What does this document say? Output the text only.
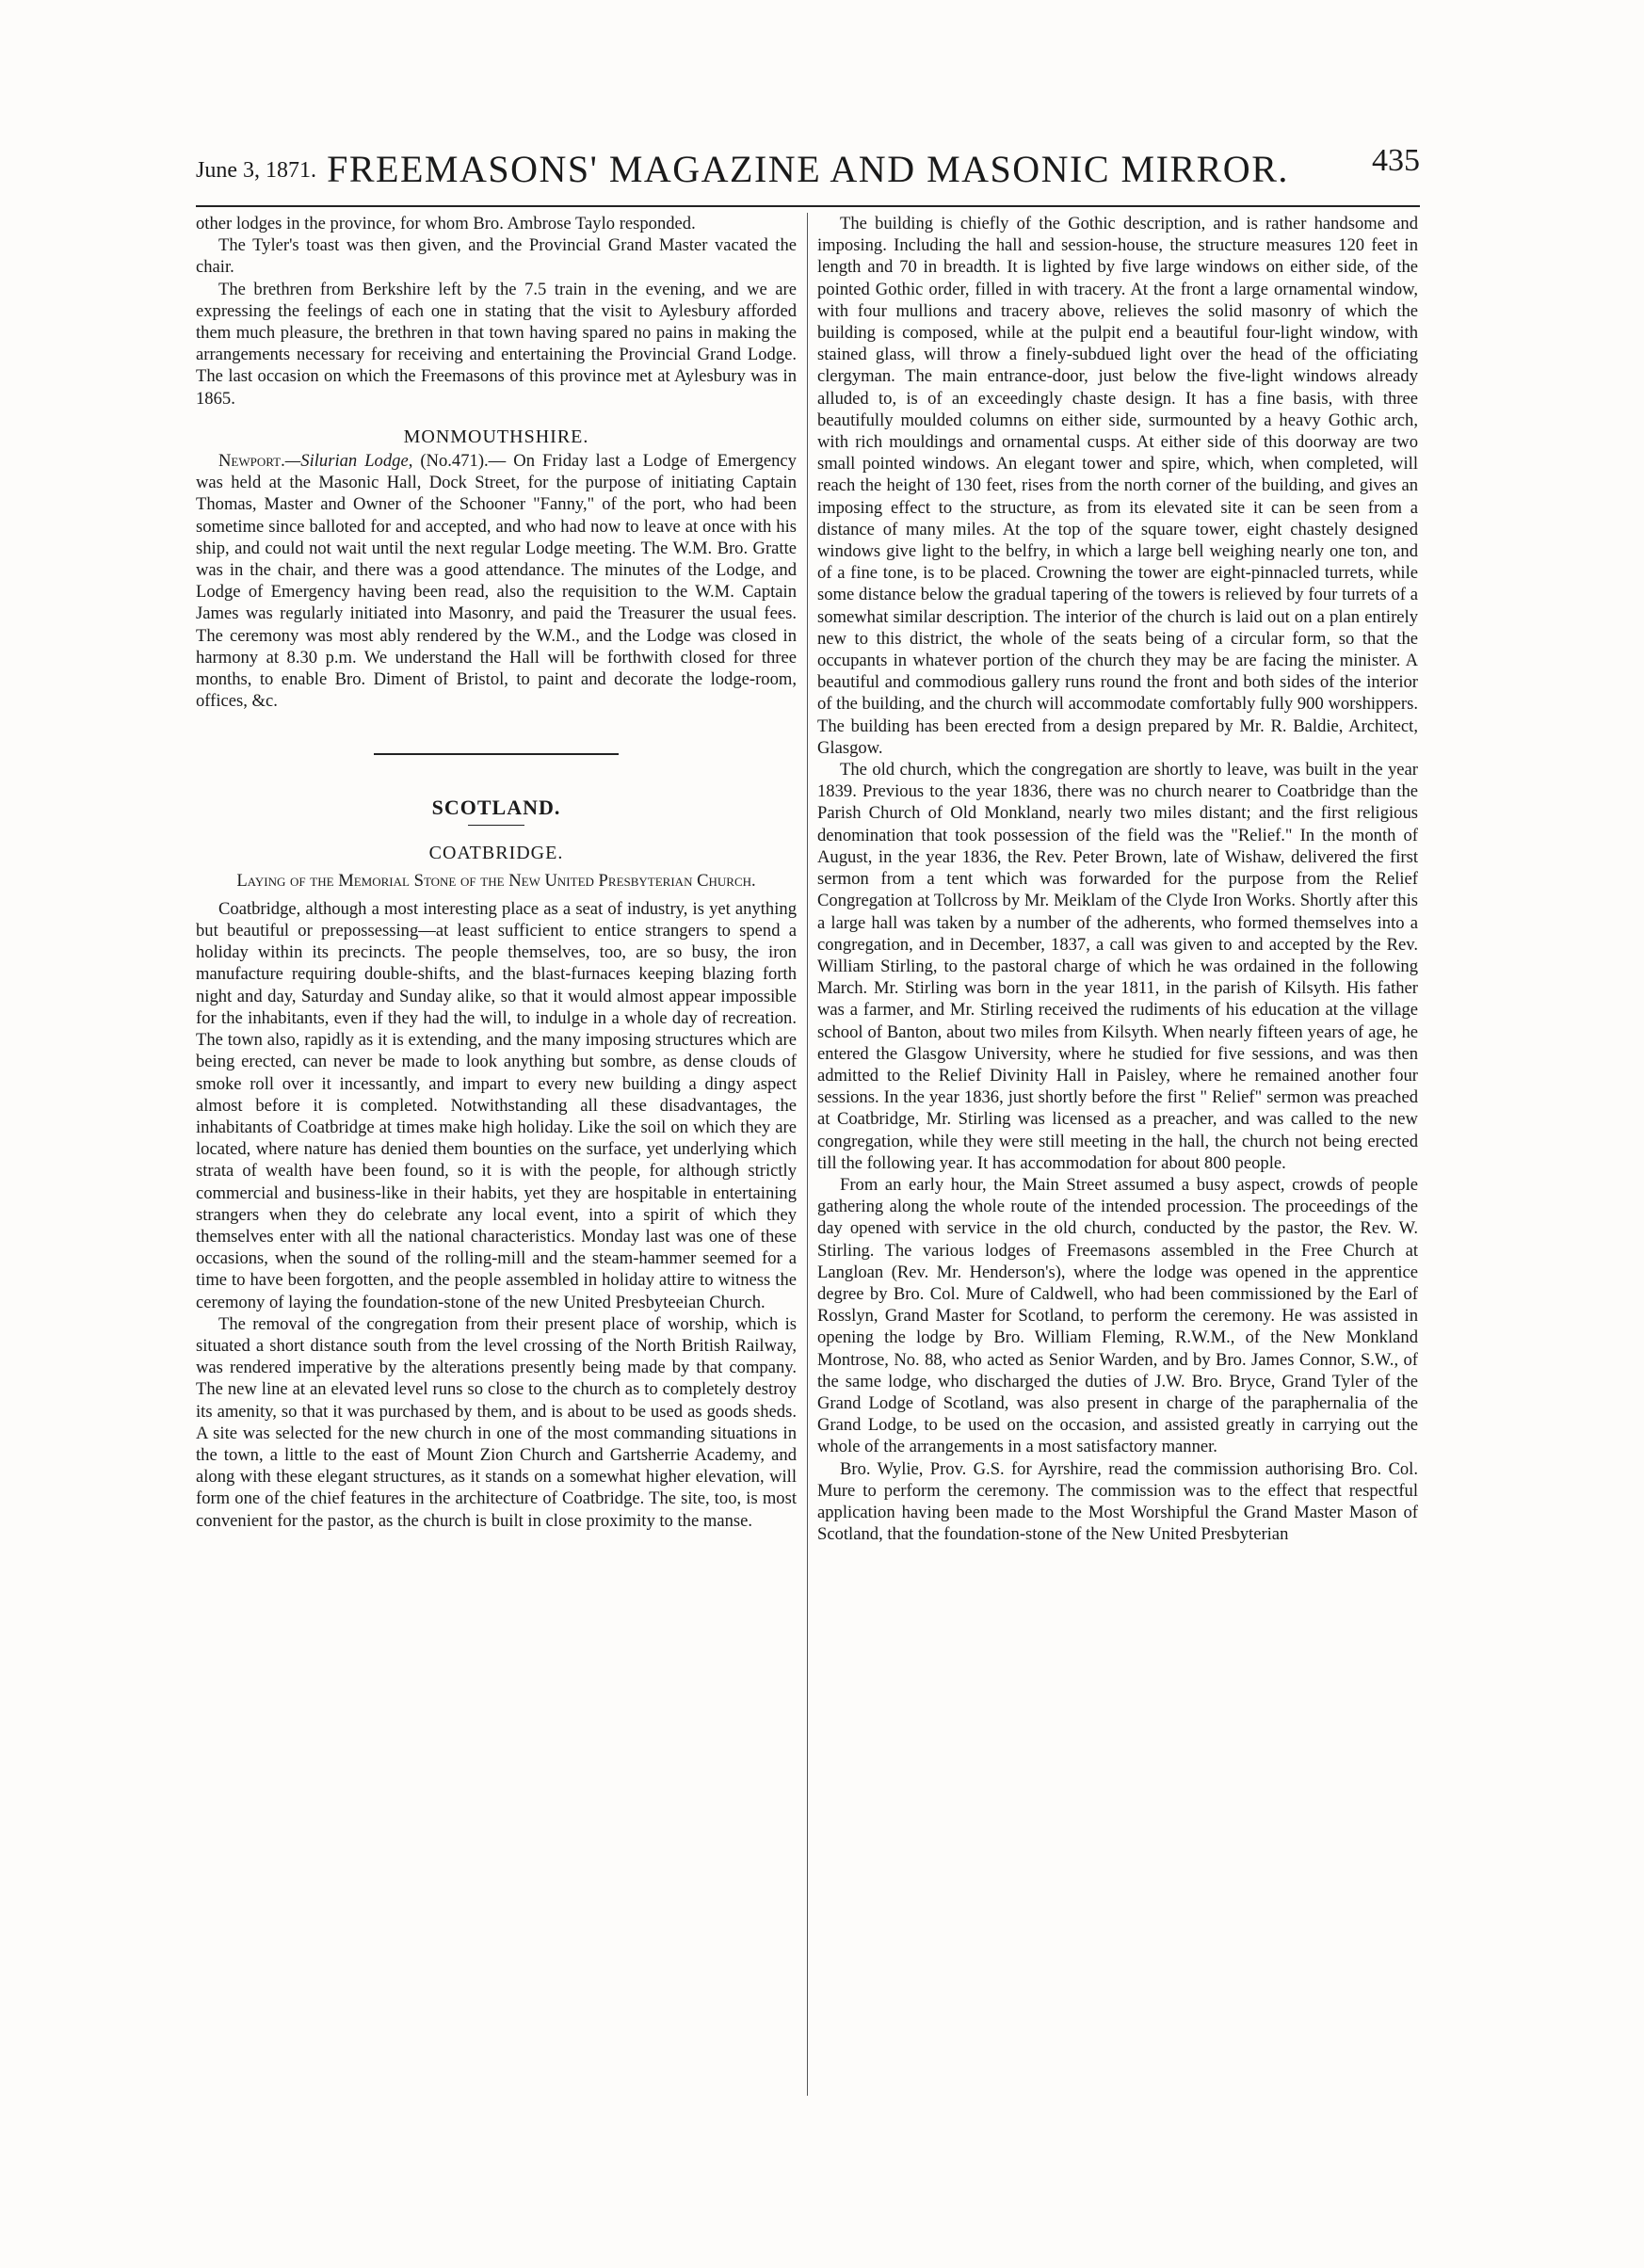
June 3, 1871. FREEMASONS' MAGAZINE AND MASONIC MIRROR.	435

other lodges in the province, for whom Bro. Ambrose Taylo responded.

The Tyler's toast was then given, and the Provincial Grand Master vacated the chair.

The brethren from Berkshire left by the 7.5 train in the evening, and we are expressing the feelings of each one in stating that the visit to Aylesbury afforded them much pleasure, the brethren in that town having spared no pains in making the arrangements necessary for receiving and entertaining the Provincial Grand Lodge. The last occasion on which the Freemasons of this province met at Aylesbury was in 1865.

MONMOUTHSHIRE.

Newport.—Silurian Lodge, (No.471).— On Friday last a Lodge of Emergency was held at the Masonic Hall, Dock Street, for the purpose of initiating Captain Thomas, Master and Owner of the Schooner "Fanny," of the port, who had been sometime since balloted for and accepted, and who had now to leave at once with his ship, and could not wait until the next regular Lodge meeting. The W.M. Bro. Gratte was in the chair, and there was a good attendance. The minutes of the Lodge, and Lodge of Emergency having been read, also the requisition to the W.M. Captain James was regularly initiated into Masonry, and paid the Treasurer the usual fees. The ceremony was most ably rendered by the W.M., and the Lodge was closed in harmony at 8.30 p.m. We understand the Hall will be forthwith closed for three months, to enable Bro. Diment of Bristol, to paint and decorate the lodge-room, offices, &c.

SCOTLAND.
COATBRIDGE.
Laying of the Memorial Stone of the New United Presbyterian Church.

Coatbridge, although a most interesting place as a seat of industry, is yet anything but beautiful or prepossessing—at least sufficient to entice strangers to spend a holiday within its precincts. The people themselves, too, are so busy, the iron manufacture requiring double-shifts, and the blast-furnaces keeping blazing forth night and day, Saturday and Sunday alike, so that it would almost appear impossible for the inhabitants, even if they had the will, to indulge in a whole day of recreation. The town also, rapidly as it is extending, and the many imposing structures which are being erected, can never be made to look anything but sombre, as dense clouds of smoke roll over it incessantly, and impart to every new building a dingy aspect almost before it is completed. Notwithstanding all these disadvantages, the inhabitants of Coatbridge at times make high holiday. Like the soil on which they are located, where nature has denied them bounties on the surface, yet underlying which strata of wealth have been found, so it is with the people, for although strictly commercial and business-like in their habits, yet they are hospitable in entertaining strangers when they do celebrate any local event, into a spirit of which they themselves enter with all the national characteristics. Monday last was one of these occasions, when the sound of the rolling-mill and the steam-hammer seemed for a time to have been forgotten, and the people assembled in holiday attire to witness the ceremony of laying the foundation-stone of the new United Presbyteeian Church.

The removal of the congregation from their present place of worship, which is situated a short distance south from the level crossing of the North British Railway, was rendered imperative by the alterations presently being made by that company. The new line at an elevated level runs so close to the church as to completely destroy its amenity, so that it was purchased by them, and is about to be used as goods sheds. A site was selected for the new church in one of the most commanding situations in the town, a little to the east of Mount Zion Church and Gartsherrie Academy, and along with these elegant structures, as it stands on a somewhat higher elevation, will form one of the chief features in the architecture of Coatbridge. The site, too, is most convenient for the pastor, as the church is built in close proximity to the manse.

The building is chiefly of the Gothic description, and is rather handsome and imposing. Including the hall and session-house, the structure measures 120 feet in length and 70 in breadth. It is lighted by five large windows on either side, of the pointed Gothic order, filled in with tracery. At the front a large ornamental window, with four mullions and tracery above, relieves the solid masonry of which the building is composed, while at the pulpit end a beautiful four-light window, with stained glass, will throw a finely-subdued light over the head of the officiating clergyman. The main entrance-door, just below the five-light windows already alluded to, is of an exceedingly chaste design. It has a fine basis, with three beautifully moulded columns on either side, surmounted by a heavy Gothic arch, with rich mouldings and ornamental cusps. At either side of this doorway are two small pointed windows. An elegant tower and spire, which, when completed, will reach the height of 130 feet, rises from the north corner of the building, and gives an imposing effect to the structure, as from its elevated site it can be seen from a distance of many miles. At the top of the square tower, eight chastely designed windows give light to the belfry, in which a large bell weighing nearly one ton, and of a fine tone, is to be placed. Crowning the tower are eight-pinnacled turrets, while some distance below the gradual tapering of the towers is relieved by four turrets of a somewhat similar description. The interior of the church is laid out on a plan entirely new to this district, the whole of the seats being of a circular form, so that the occupants in whatever portion of the church they may be are facing the minister. A beautiful and commodious gallery runs round the front and both sides of the interior of the building, and the church will accommodate comfortably fully 900 worshippers. The building has been erected from a design prepared by Mr. R. Baldie, Architect, Glasgow.

The old church, which the congregation are shortly to leave, was built in the year 1839. Previous to the year 1836, there was no church nearer to Coatbridge than the Parish Church of Old Monkland, nearly two miles distant; and the first religious denomination that took possession of the field was the "Relief." In the month of August, in the year 1836, the Rev. Peter Brown, late of Wishaw, delivered the first sermon from a tent which was forwarded for the purpose from the Relief Congregation at Tollcross by Mr. Meiklam of the Clyde Iron Works. Shortly after this a large hall was taken by a number of the adherents, who formed themselves into a congregation, and in December, 1837, a call was given to and accepted by the Rev. William Stirling, to the pastoral charge of which he was ordained in the following March. Mr. Stirling was born in the year 1811, in the parish of Kilsyth. His father was a farmer, and Mr. Stirling received the rudiments of his education at the village school of Banton, about two miles from Kilsyth. When nearly fifteen years of age, he entered the Glasgow University, where he studied for five sessions, and was then admitted to the Relief Divinity Hall in Paisley, where he remained another four sessions. In the year 1836, just shortly before the first " Relief" sermon was preached at Coatbridge, Mr. Stirling was licensed as a preacher, and was called to the new congregation, while they were still meeting in the hall, the church not being erected till the following year. It has accommodation for about 800 people.

From an early hour, the Main Street assumed a busy aspect, crowds of people gathering along the whole route of the intended procession. The proceedings of the day opened with service in the old church, conducted by the pastor, the Rev. W. Stirling. The various lodges of Freemasons assembled in the Free Church at Langloan (Rev. Mr. Henderson's), where the lodge was opened in the apprentice degree by Bro. Col. Mure of Caldwell, who had been commissioned by the Earl of Rosslyn, Grand Master for Scotland, to perform the ceremony. He was assisted in opening the lodge by Bro. William Fleming, R.W.M., of the New Monkland Montrose, No. 88, who acted as Senior Warden, and by Bro. James Connor, S.W., of the same lodge, who discharged the duties of J.W. Bro. Bryce, Grand Tyler of the Grand Lodge of Scotland, was also present in charge of the paraphernalia of the Grand Lodge, to be used on the occasion, and assisted greatly in carrying out the whole of the arrangements in a most satisfactory manner.

Bro. Wylie, Prov. G.S. for Ayrshire, read the commission authorising Bro. Col. Mure to perform the ceremony. The commission was to the effect that respectful application having been made to the Most Worshipful the Grand Master Mason of Scotland, that the foundation-stone of the New United Presbyterian
